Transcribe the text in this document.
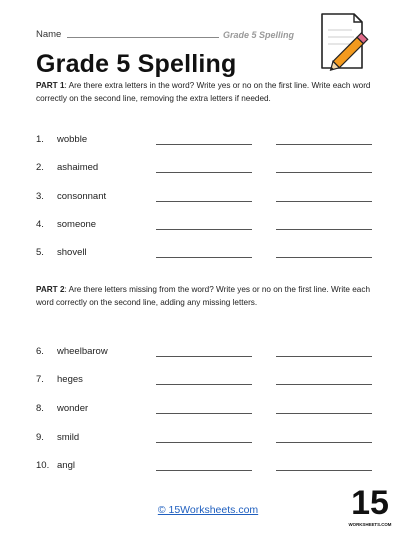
Name	Grade 5 Spelling
Grade 5 Spelling
PART 1: Are there extra letters in the word? Write yes or no on the first line. Write each word correctly on the second line, removing the extra letters if needed.
1. wobble
2. ashaimed
3. consonnant
4. someone
5. shovell
PART 2: Are there letters missing from the word? Write yes or no on the first line. Write each word correctly on the second line, adding any missing letters.
6. wheelbarow
7. heges
8. wonder
9. smild
10. angl
© 15Worksheets.com	15
WORKSHEETS.COM
